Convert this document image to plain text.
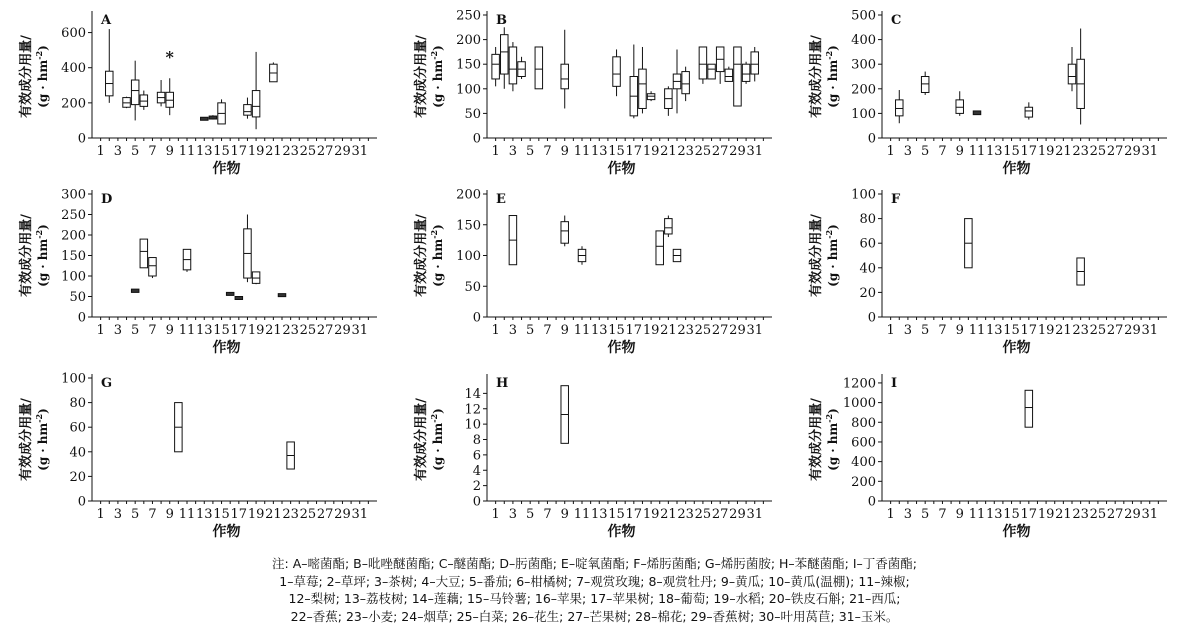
A
0
200
400
600
1 3 5 7 9 11 13 15 17 19 21 23 25 27 29 31
作物
有效成分用量/ $(g \cdot hm^{-2})$	*
B
0
50
100
150
200
250
1 3 5 7 9 11 13 15 17 19 21 23 25 27 29 31
作物
有效成分用量/ $(g \cdot hm^{-2})$
C
0
100
200
300
400
500
1 3 5 7 9 11 13 15 17 19 21 23 25 27 29 31
作物
有效成分用量/ $(g \cdot hm^{-2})$
D
0
50
100
150
200
250
300
1 3 5 7 9 11 13 15 17 19 21 23 25 27 29 31
作物
有效成分用量/ $(g \cdot hm^{-2})$
E
0
50
100
150
200
1 3 5 7 9 11 13 15 17 19 21 23 25 27 29 31
作物
有效成分用量/ $(g \cdot hm^{-2})$
F
0
20
40
60
80
100
1 3 5 7 9 11 13 15 17 19 21 23 25 27 29 31
作物
有效成分用量/ $(g \cdot hm^{-2})$
G
0
20
40
60
80
100
1 3 5 7 9 11 13 15 17 19 21 23 25 27 29 31
作物
有效成分用量/ $(g \cdot hm^{-2})$
H
0
2
4
6
8
10
12
14
1 3 5 7 9 11 13 15 17 19 21 23 25 27 29 31
作物
有效成分用量/ $(g \cdot hm^{-2})$
I
0
200
400
600
800
1000
1200
1 3 5 7 9 11 13 15 17 19 21 23 25 27 29 31
作物
有效成分用量/ $(g \cdot hm^{-2})$
注: A–嘧菌酯; B–吡唑醚菌酯; C–醚菌酯; D–肟菌酯; E–啶氧菌酯; F–烯肟菌酯; G–烯肟菌胺; H–苯醚菌酯; I–丁香菌酯;
1–草莓; 2–草坪; 3–茶树; 4–大豆; 5–番茄; 6–柑橘树; 7–观赏玫瑰; 8–观赏牡丹; 9–黄瓜; 10–黄瓜(温棚); 11–辣椒;
12–梨树; 13–荔枝树; 14–莲藕; 15–马铃薯; 16–苹果; 17–苹果树; 18–葡萄; 19–水稻; 20–铁皮石斛; 21–西瓜;
22–香蕉; 23–小麦; 24–烟草; 25–白菜; 26–花生; 27–芒果树; 28–棉花; 29–香蕉树; 30–叶用莴苣; 31–玉米。
